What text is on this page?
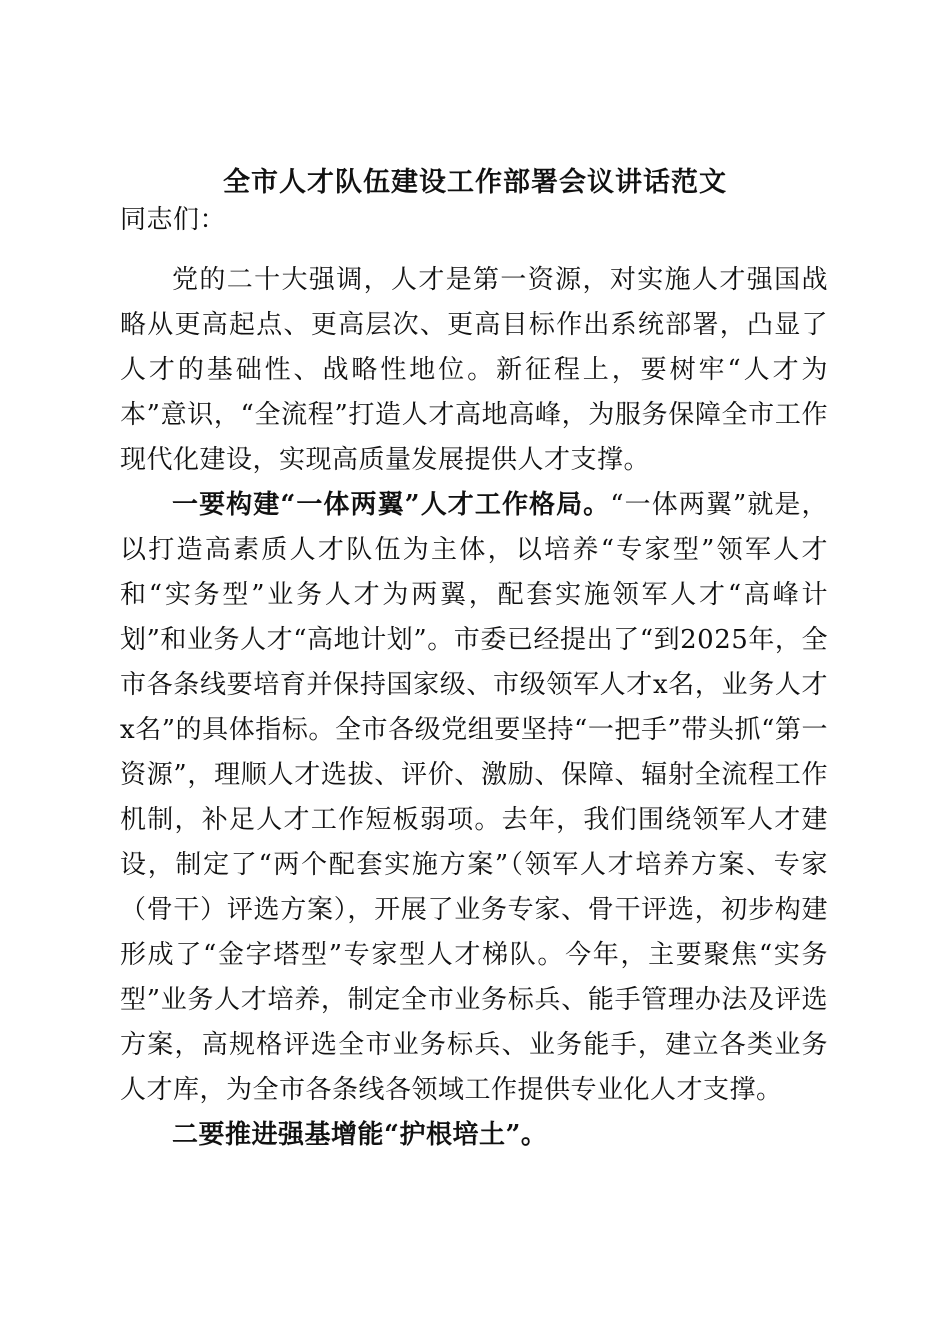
全市人才队伍建设工作部署会议讲话范文

同志们：

党的二十大强调，人才是第一资源，对实施人才强国战略从更高起点、更高层次、更高目标作出系统部署，凸显了人才的基础性、战略性地位。新征程上，要树牢“人才为本”意识，“全流程”打造人才高地高峰，为服务保障全市工作现代化建设，实现高质量发展提供人才支撑。

一要构建“一体两翼”人才工作格局。“一体两翼”就是，以打造高素质人才队伍为主体，以培养“专家型”领军人才和“实务型”业务人才为两翼，配套实施领军人才“高峰计划”和业务人才“高地计划”。市委已经提出了“到2025年，全市各条线要培育并保持国家级、市级领军人才x名，业务人才x名”的具体指标。全市各级党组要坚持“一把手”带头抓“第一资源”，理顺人才选拔、评价、激励、保障、辐射全流程工作机制，补足人才工作短板弱项。去年，我们围绕领军人才建设，制定了“两个配套实施方案”（领军人才培养方案、专家（骨干）评选方案），开展了业务专家、骨干评选，初步构建形成了“金字塔型”专家型人才梯队。今年，主要聚焦“实务型”业务人才培养，制定全市业务标兵、能手管理办法及评选方案，高规格评选全市业务标兵、业务能手，建立各类业务人才库，为全市各条线各领域工作提供专业化人才支撑。

二要推进强基增能“护根培土”。
